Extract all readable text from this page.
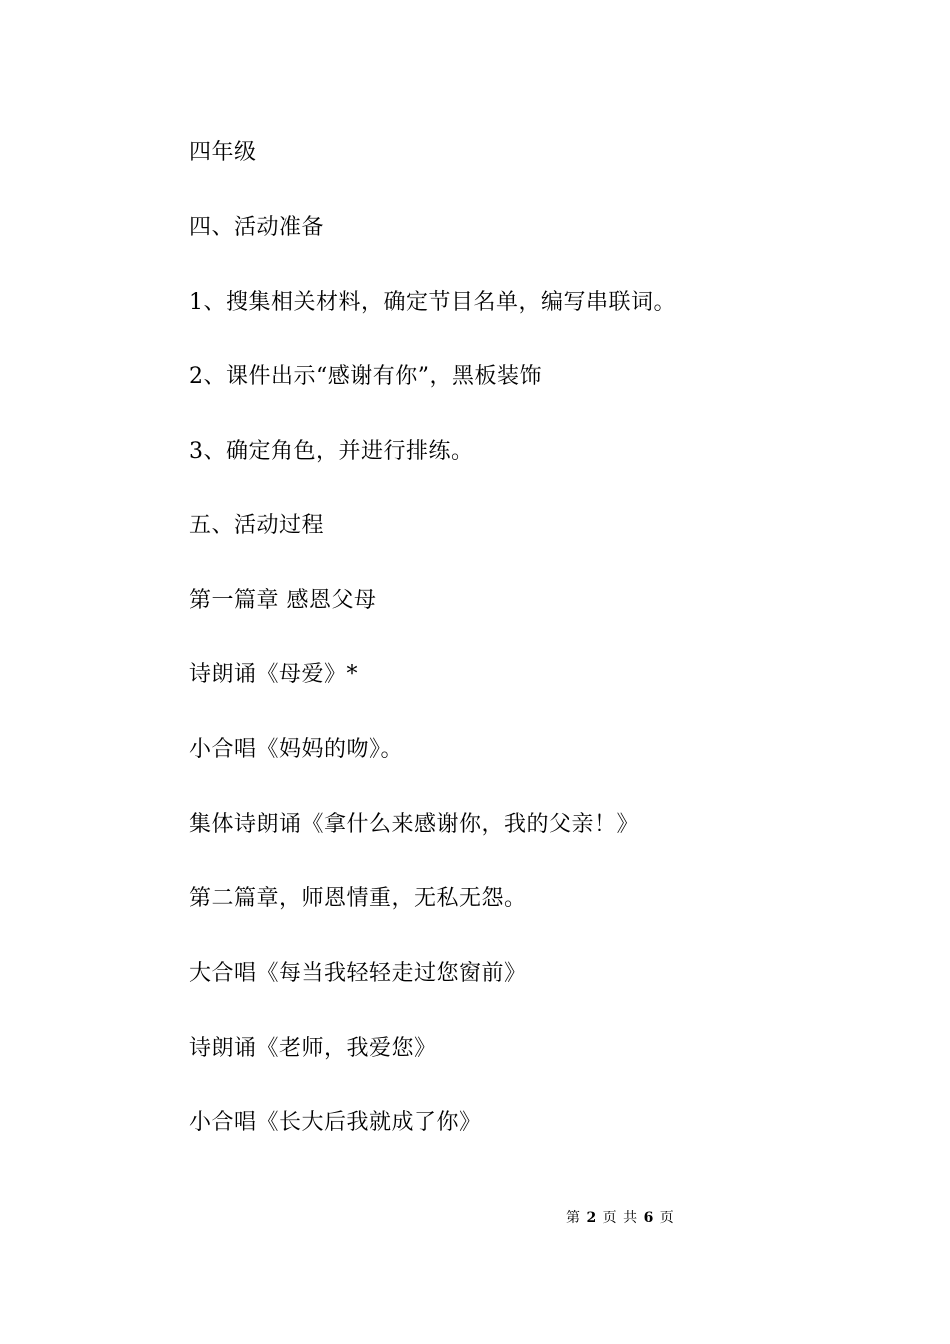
四年级
四、活动准备
1、搜集相关材料，确定节目名单，编写串联词。
2、课件出示“感谢有你”，黑板装饰
3、确定角色，并进行排练。
五、活动过程
第一篇章 感恩父母
诗朗诵《母爱》*
小合唱《妈妈的吻》。
集体诗朗诵《拿什么来感谢你，我的父亲！》
第二篇章，师恩情重，无私无怨。
大合唱《每当我轻轻走过您窗前》
诗朗诵《老师，我爱您》
小合唱《长大后我就成了你》
第 2 页 共 6 页
